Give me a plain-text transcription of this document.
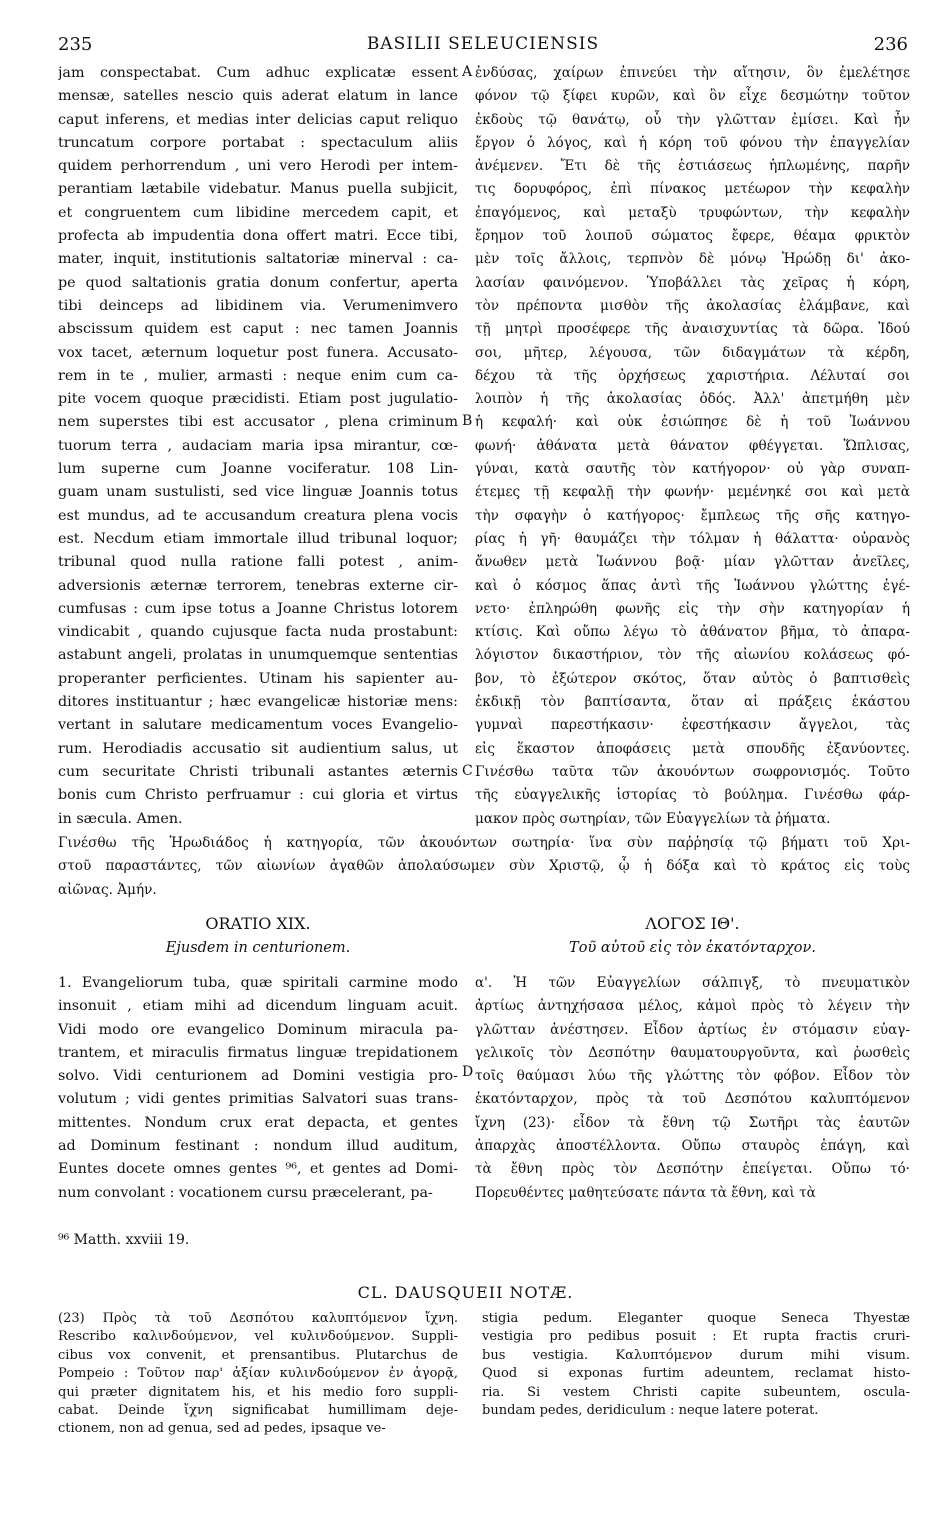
235	BASILII SELEUCIENSIS	236
jam conspectabat. Cum adhuc explicatæ essent
mensæ, satelles nescio quis aderat elatum in lance
caput inferens, et medias inter delicias caput reliquo
truncatum corpore portabat : spectaculum aliis
quidem perhorrendum , uni vero Herodi per intem-
perantiam lætabile videbatur. Manus puella subjicit,
et congruentem cum libidine mercedem capit, et
profecta ab impudentia dona offert matri. Ecce tibi,
mater, inquit, institutionis saltatoriæ minerval : ca-
pe quod saltationis gratia donum confertur, aperta
tibi deinceps ad libidinem via. Verumenimvero
abscissum quidem est caput : nec tamen Joannis
vox tacet, æternum loquetur post funera. Accusato-
rem in te , mulier, armasti : neque enim cum ca-
pite vocem quoque præcidisti. Etiam post jugulatio-
nem superstes tibi est accusator , plena criminum
tuorum terra , audaciam maria ipsa mirantur, cœ-
lum superne cum Joanne vociferatur. 108 Lin-
guam unam sustulisti, sed vice linguæ Joannis totus
est mundus, ad te accusandum creatura plena vocis
est. Necdum etiam immortale illud tribunal loquor;
tribunal quod nulla ratione falli potest , anim-
adversionis æternæ terrorem, tenebras externe cir-
cumfusas : cum ipse totus a Joanne Christus lotorem
vindicabit , quando cujusque facta nuda prostabunt:
astabunt angeli, prolatas in unumquemque sententias
properanter perficientes. Utinam his sapienter au-
ditores instituantur ; hæc evangelicæ historiæ mens:
vertant in salutare medicamentum voces Evangelio-
rum. Herodiadis accusatio sit audientium salus, ut
cum securitate Christi tribunali astantes æternis
bonis cum Christo perfruamur : cui gloria et virtus
in sæcula. Amen.
ἐνδύσας, χαίρων ἐπινεύει τὴν αἴτησιν, ὃν ἐμελέτησε
φόνον τῷ ξίφει κυρῶν, καὶ ὃν εἶχε δεσμώτην τοῦτον
ἐκδοὺς τῷ θανάτῳ, οὗ τὴν γλῶτταν ἐμίσει. Καὶ ἦν
ἔργον ὁ λόγος, καὶ ἡ κόρη τοῦ φόνου τὴν ἐπαγγελίαν
ἀνέμενεν. Ἔτι δὲ τῆς ἑστιάσεως ἡπλωμένης, παρῆν
τις δορυφόρος, ἐπὶ πίνακος μετέωρον τὴν κεφαλὴν
ἐπαγόμενος, καὶ μεταξὺ τρυφώντων, τὴν κεφαλὴν
ἔρημον τοῦ λοιποῦ σώματος ἔφερε, θέαμα φρικτὸν
μὲν τοῖς ἄλλοις, τερπνὸν δὲ μόνῳ Ἡρώδῃ δι' ἀκο-
λασίαν φαινόμενον. Ὑποβάλλει τὰς χεῖρας ἡ κόρη,
τὸν πρέποντα μισθὸν τῆς ἀκολασίας ἐλάμβανε, καὶ
τῇ μητρὶ προσέφερε τῆς ἀναισχυντίας τὰ δῶρα. Ἰδού
σοι, μῆτερ, λέγουσα, τῶν διδαγμάτων τὰ κέρδη,
δέχου τὰ τῆς ὀρχήσεως χαριστήρια. Λέλυταί σοι
λοιπὸν ἡ τῆς ἀκολασίας ὁδός. Ἀλλ' ἀπετμήθη μὲν
ἡ κεφαλή· καὶ οὐκ ἐσιώπησε δὲ ἡ τοῦ Ἰωάννου
φωνή· ἀθάνατα μετὰ θάνατον φθέγγεται. Ὥπλισας,
γύναι, κατὰ σαυτῆς τὸν κατήγορον· οὐ γὰρ συναπ-
έτεμες τῇ κεφαλῇ τὴν φωνήν· μεμένηκέ σοι καὶ μετὰ
τὴν σφαγὴν ὁ κατήγορος· ἔμπλεως τῆς σῆς κατηγο-
ρίας ἡ γῆ· θαυμάζει τὴν τόλμαν ἡ θάλαττα· οὐρανὸς
ἄνωθεν μετὰ Ἰωάννου βοᾷ· μίαν γλῶτταν ἀνεῖλες,
καὶ ὁ κόσμος ἅπας ἀντὶ τῆς Ἰωάννου γλώττης ἐγέ-
νετο· ἐπληρώθη φωνῆς εἰς τὴν σὴν κατηγορίαν ἡ
κτίσις. Καὶ οὔπω λέγω τὸ ἀθάνατον βῆμα, τὸ ἀπαρα-
λόγιστον δικαστήριον, τὸν τῆς αἰωνίου κολάσεως φό-
βον, τὸ ἐξώτερον σκότος, ὅταν αὐτὸς ὁ βαπτισθεὶς
ἐκδικῇ τὸν βαπτίσαντα, ὅταν αἱ πράξεις ἑκάστου
γυμναὶ παρεστήκασιν· ἐφεστήκασιν ἄγγελοι, τὰς
εἰς ἕκαστον ἀποφάσεις μετὰ σπουδῆς ἐξανύοντες.
Γινέσθω ταῦτα τῶν ἀκουόντων σωφρονισμός. Τοῦτο
τῆς εὐαγγελικῆς ἱστορίας τὸ βούλημα. Γινέσθω φάρ-
μακον πρὸς σωτηρίαν, τῶν Εὐαγγελίων τὰ ῥήματα.
A
B
C
D
Γινέσθω τῆς Ἡρωδιάδος ἡ κατηγορία, τῶν ἀκουόντων σωτηρία· ἵνα σὺν παῤῥησίᾳ τῷ βήματι τοῦ Χρι-
στοῦ παραστάντες, τῶν αἰωνίων ἀγαθῶν ἀπολαύσωμεν σὺν Χριστῷ, ᾧ ἡ δόξα καὶ τὸ κράτος εἰς τοὺς
αἰῶνας. Ἀμήν.
ORATIO XIX.
Ejusdem in centurionem.
ΛΟΓΟΣ ΙΘ'.
Τοῦ αὐτοῦ εἰς τὸν ἑκατόνταρχον.
1. Evangeliorum tuba, quæ spiritali carmine modo
insonuit , etiam mihi ad dicendum linguam acuit.
Vidi modo ore evangelico Dominum miracula pa-
trantem, et miraculis firmatus linguæ trepidationem
solvo. Vidi centurionem ad Domini vestigia pro-
volutum ; vidi gentes primitias Salvatori suas trans-
mittentes. Nondum crux erat depacta, et gentes
ad Dominum festinant : nondum illud auditum,
Euntes docete omnes gentes ⁹⁶, et gentes ad Domi-
num convolant : vocationem cursu præcelerant, pa-
α'. Ἡ τῶν Εὐαγγελίων σάλπιγξ, τὸ πνευματικὸν
ἀρτίως ἀντηχήσασα μέλος, κἀμοὶ πρὸς τὸ λέγειν τὴν
γλῶτταν ἀνέστησεν. Εἶδον ἀρτίως ἐν στόμασιν εὐαγ-
γελικοῖς τὸν Δεσπότην θαυματουργοῦντα, καὶ ῥωσθεὶς
τοῖς θαύμασι λύω τῆς γλώττης τὸν φόβον. Εἶδον τὸν
ἑκατόνταρχον, πρὸς τὰ τοῦ Δεσπότου καλυπτόμενον
ἴχνη (23)· εἶδον τὰ ἔθνη τῷ Σωτῆρι τὰς ἑαυτῶν
ἀπαρχὰς ἀποστέλλοντα. Οὔπω σταυρὸς ἐπάγη, καὶ
τὰ ἔθνη πρὸς τὸν Δεσπότην ἐπείγεται. Οὔπω τό·
Πορευθέντες μαθητεύσατε πάντα τὰ ἔθνη, καὶ τὰ
⁹⁶ Matth. xxviii 19.
CL. DAUSQUEII NOTÆ.
(23) Πρὸς τὰ τοῦ Δεσπότου καλυπτόμενον ἴχνη.
Rescribo καλινδούμενον, vel κυλινδούμενον. Suppli-
cibus vox convenit, et prensantibus. Plutarchus de
Pompeio : Τοῦτον παρ' ἀξίαν κυλινδούμενον ἐν ἀγορᾷ,
qui præter dignitatem his, et his medio foro suppli-
cabat. Deinde ἴχνη significabat humillimam deje-
ctionem, non ad genua, sed ad pedes, ipsaque ve-
stigia pedum. Eleganter quoque Seneca Thyestæ
vestigia pro pedibus posuit : Et rupta fractis cruri-
bus vestigia. Καλυπτόμενον durum mihi visum.
Quod si exponas furtim adeuntem, reclamat histo-
ria. Si vestem Christi capite subeuntem, oscula-
bundam pedes, deridiculum : neque latere poterat.
